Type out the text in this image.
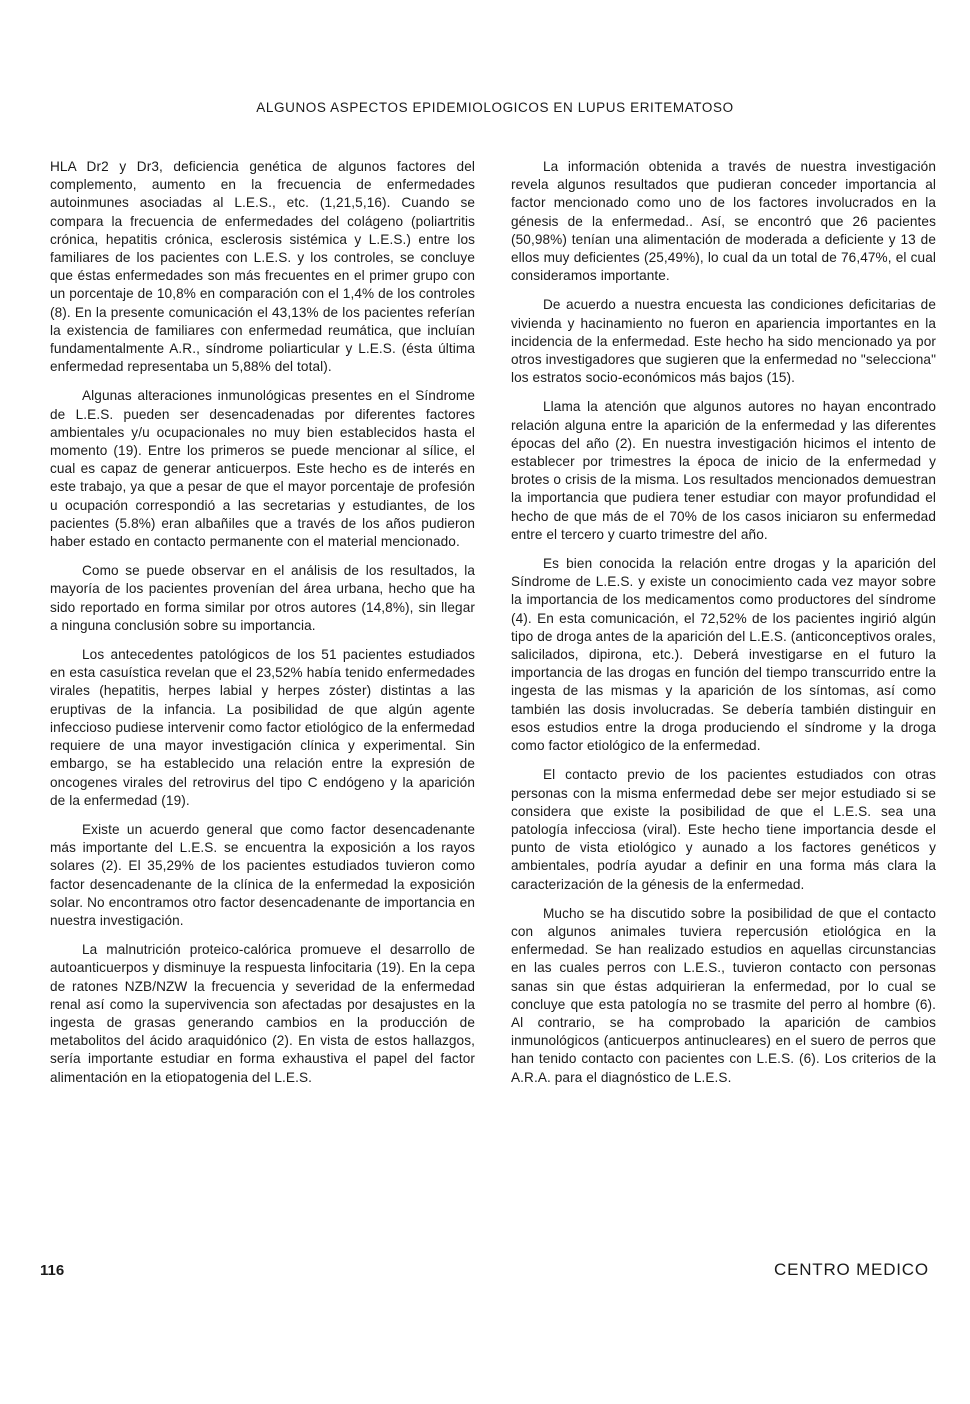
ALGUNOS ASPECTOS EPIDEMIOLOGICOS EN LUPUS ERITEMATOSO

HLA Dr2 y Dr3, deficiencia genética de algunos factores del complemento, aumento en la frecuencia de enfermedades autoinmunes asociadas al L.E.S., etc. (1,21,5,16). Cuando se compara la frecuencia de enfermedades del colágeno (poliartritis crónica, hepatitis crónica, esclerosis sistémica y L.E.S.) entre los familiares de los pacientes con L.E.S. y los controles, se concluye que éstas enfermedades son más frecuentes en el primer grupo con un porcentaje de 10,8% en comparación con el 1,4% de los controles (8). En la presente comunicación el 43,13% de los pacientes referían la existencia de familiares con enfermedad reumática, que incluían fundamentalmente A.R., síndrome poliarticular y L.E.S. (ésta última enfermedad representaba un 5,88% del total).

Algunas alteraciones inmunológicas presentes en el Síndrome de L.E.S. pueden ser desencadenadas por diferentes factores ambientales y/u ocupacionales no muy bien establecidos hasta el momento (19). Entre los primeros se puede mencionar al sílice, el cual es capaz de generar anticuerpos. Este hecho es de interés en este trabajo, ya que a pesar de que el mayor porcentaje de profesión u ocupación correspondió a las secretarias y estudiantes, de los pacientes (5.8%) eran albañiles que a través de los años pudieron haber estado en contacto permanente con el material mencionado.

Como se puede observar en el análisis de los resultados, la mayoría de los pacientes provenían del área urbana, hecho que ha sido reportado en forma similar por otros autores (14,8%), sin llegar a ninguna conclusión sobre su importancia.

Los antecedentes patológicos de los 51 pacientes estudiados en esta casuística revelan que el 23,52% había tenido enfermedades virales (hepatitis, herpes labial y herpes zóster) distintas a las eruptivas de la infancia. La posibilidad de que algún agente infeccioso pudiese intervenir como factor etiológico de la enfermedad requiere de una mayor investigación clínica y experimental. Sin embargo, se ha establecido una relación entre la expresión de oncogenes virales del retrovirus del tipo C endógeno y la aparición de la enfermedad (19).

Existe un acuerdo general que como factor desencadenante más importante del L.E.S. se encuentra la exposición a los rayos solares (2). El 35,29% de los pacientes estudiados tuvieron como factor desencadenante de la clínica de la enfermedad la exposición solar. No encontramos otro factor desencadenante de importancia en nuestra investigación.

La malnutrición proteico-calórica promueve el desarrollo de autoanticuerpos y disminuye la respuesta linfocitaria (19). En la cepa de ratones NZB/NZW la frecuencia y severidad de la enfermedad renal así como la supervivencia son afectadas por desajustes en la ingesta de grasas generando cambios en la producción de metabolitos del ácido araquidónico (2). En vista de estos hallazgos, sería importante estudiar en forma exhaustiva el papel del factor alimentación en la etiopatogenia del L.E.S.

La información obtenida a través de nuestra investigación revela algunos resultados que pudieran conceder importancia al factor mencionado como uno de los factores involucrados en la génesis de la enfermedad.. Así, se encontró que 26 pacientes (50,98%) tenían una alimentación de moderada a deficiente y 13 de ellos muy deficientes (25,49%), lo cual da un total de 76,47%, el cual consideramos importante.

De acuerdo a nuestra encuesta las condiciones deficitarias de vivienda y hacinamiento no fueron en apariencia importantes en la incidencia de la enfermedad. Este hecho ha sido mencionado ya por otros investigadores que sugieren que la enfermedad no "selecciona" los estratos socio-económicos más bajos (15).

Llama la atención que algunos autores no hayan encontrado relación alguna entre la aparición de la enfermedad y las diferentes épocas del año (2). En nuestra investigación hicimos el intento de establecer por trimestres la época de inicio de la enfermedad y brotes o crisis de la misma. Los resultados mencionados demuestran la importancia que pudiera tener estudiar con mayor profundidad el hecho de que más de el 70% de los casos iniciaron su enfermedad entre el tercero y cuarto trimestre del año.

Es bien conocida la relación entre drogas y la aparición del Síndrome de L.E.S. y existe un conocimiento cada vez mayor sobre la importancia de los medicamentos como productores del síndrome (4). En esta comunicación, el 72,52% de los pacientes ingirió algún tipo de droga antes de la aparición del L.E.S. (anticonceptivos orales, salicilados, dipirona, etc.). Deberá investigarse en el futuro la importancia de las drogas en función del tiempo transcurrido entre la ingesta de las mismas y la aparición de los síntomas, así como también las dosis involucradas. Se debería también distinguir en esos estudios entre la droga produciendo el síndrome y la droga como factor etiológico de la enfermedad.

El contacto previo de los pacientes estudiados con otras personas con la misma enfermedad debe ser mejor estudiado si se considera que existe la posibilidad de que el L.E.S. sea una patología infecciosa (viral). Este hecho tiene importancia desde el punto de vista etiológico y aunado a los factores genéticos y ambientales, podría ayudar a definir en una forma más clara la caracterización de la génesis de la enfermedad.

Mucho se ha discutido sobre la posibilidad de que el contacto con algunos animales tuviera repercusión etiológica en la enfermedad. Se han realizado estudios en aquellas circunstancias en las cuales perros con L.E.S., tuvieron contacto con personas sanas sin que éstas adquirieran la enfermedad, por lo cual se concluye que esta patología no se trasmite del perro al hombre (6). Al contrario, se ha comprobado la aparición de cambios inmunológicos (anticuerpos antinucleares) en el suero de perros que han tenido contacto con pacientes con L.E.S. (6). Los criterios de la A.R.A. para el diagnóstico de L.E.S.

116	CENTRO MEDICO
